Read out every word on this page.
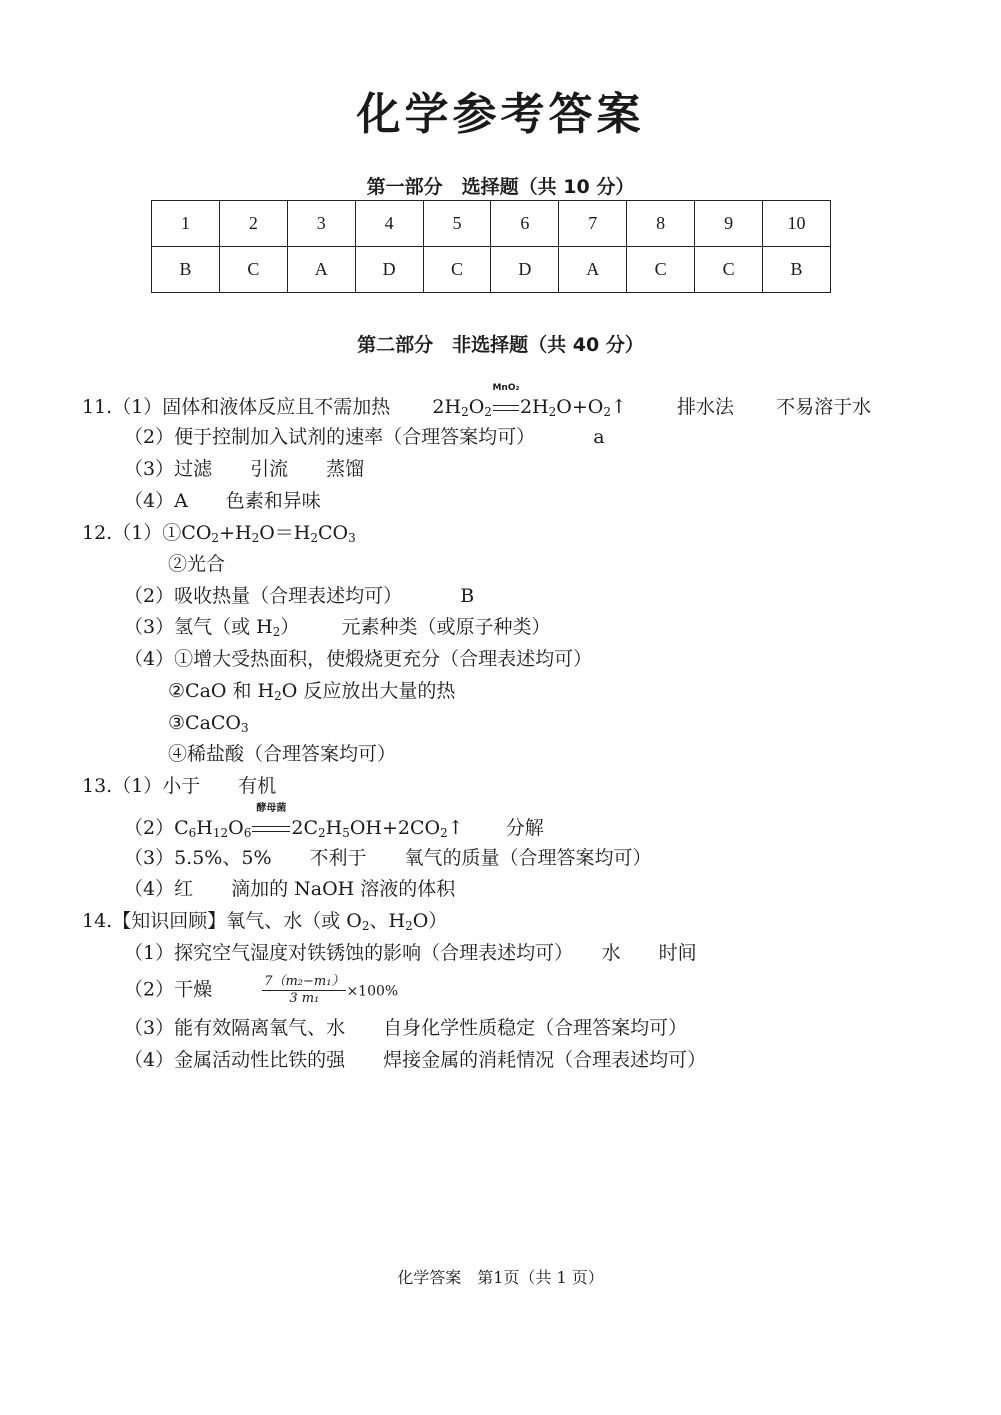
化学参考答案
第一部分　选择题（共 10 分）
1	2	3	4	5	6	7	8	9	10
B	C	A	D	C	D	A	C	C	B
第二部分　非选择题（共 40 分）
11.（1）固体和液体反应且不需加热 $2H_2O_2$
MnO₂
$2H_2O+O_2↑$	排水法 不易溶于水
（2）便于控制加入试剂的速率（合理答案均可）	a
（3）过滤　　引流　　蒸馏
（4）A　　色素和异味
$12.(1)①CO_2+H_2O=H_2CO_3$
②光合
（2）吸收热量（合理表述均可）	B
（3）氢气（或 $H_2$） 元素种类（或原子种类）
（4）①增大受热面积，使煅烧更充分（合理表述均可）
②CaO 和 $H_2O$ 反应放出大量的热
③CaCO$_3$
④稀盐酸（合理答案均可）
13.（1）小于　　有机
$(2)C_6H_{12}O_6$
酵母菌
$2C_2H_5OH+2CO_2↑$ 分解
（3）5.5%、5%　　不利于　　氧气的质量（合理答案均可）
（4）红　　滴加的 NaOH 溶液的体积
14.【知识回顾】氧气、水（或 $O_2$、$H_2O$）
（1）探究空气湿度对铁锈蚀的影响（合理表述均可）　　水　　时间
（2）干燥	$\frac{\text{7（m₂−m₁）}}{\text{3 m₁}} \times 100\%$
（3）能有效隔离氧气、水　　自身化学性质稳定（合理答案均可）
（4）金属活动性比铁的强　　焊接金属的消耗情况（合理表述均可）
化学答案　第1页（共 1 页）
